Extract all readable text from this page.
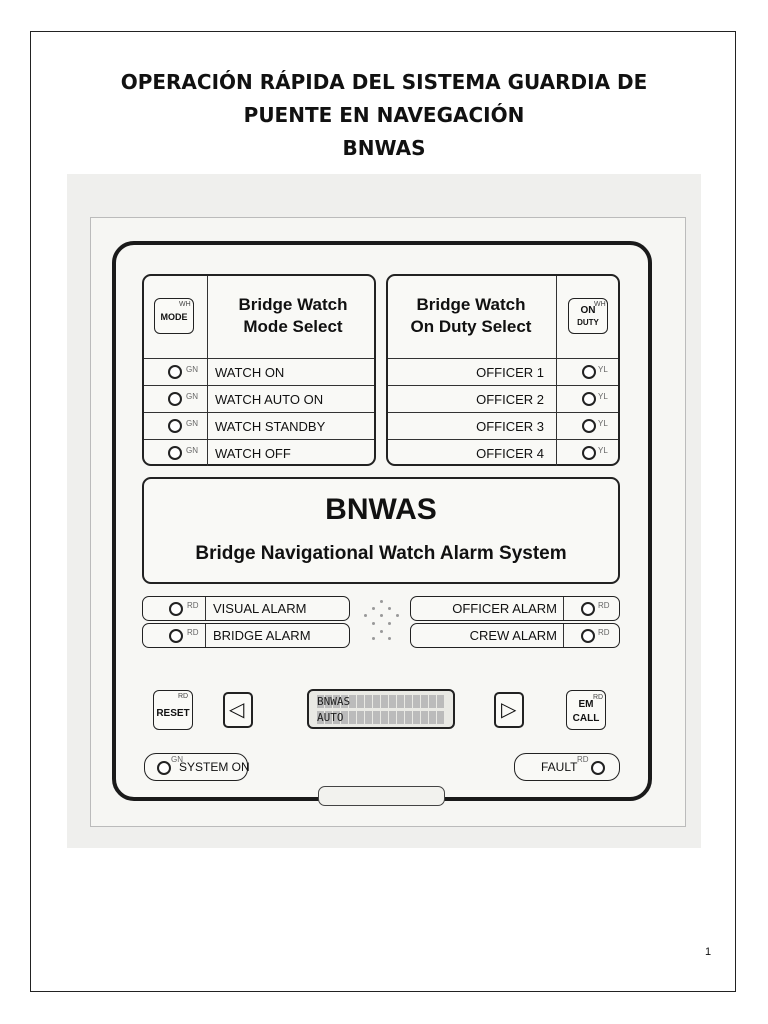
OPERACIÓN RÁPIDA DEL SISTEMA GUARDIA DE
PUENTE EN NAVEGACIÓN
BNWAS
WH
MODE
Bridge Watch
Mode Select
GN WATCH ON
GN WATCH AUTO ON
GN WATCH STANDBY
GN WATCH OFF
Bridge Watch
On Duty Select
WH
ON
DUTY
OFFICER 1	YL
OFFICER 2	YL
OFFICER 3	YL
OFFICER 4	YL
BNWAS
Bridge Navigational Watch Alarm System
RD VISUAL ALARM
RD BRIDGE ALARM
OFFICER ALARM	RD
CREW ALARM	RD
RD
RESET ◁	BNWAS
AUTO	▷
RD
EM
CALL
GN
SYSTEM ON	FAULT
RD
1
